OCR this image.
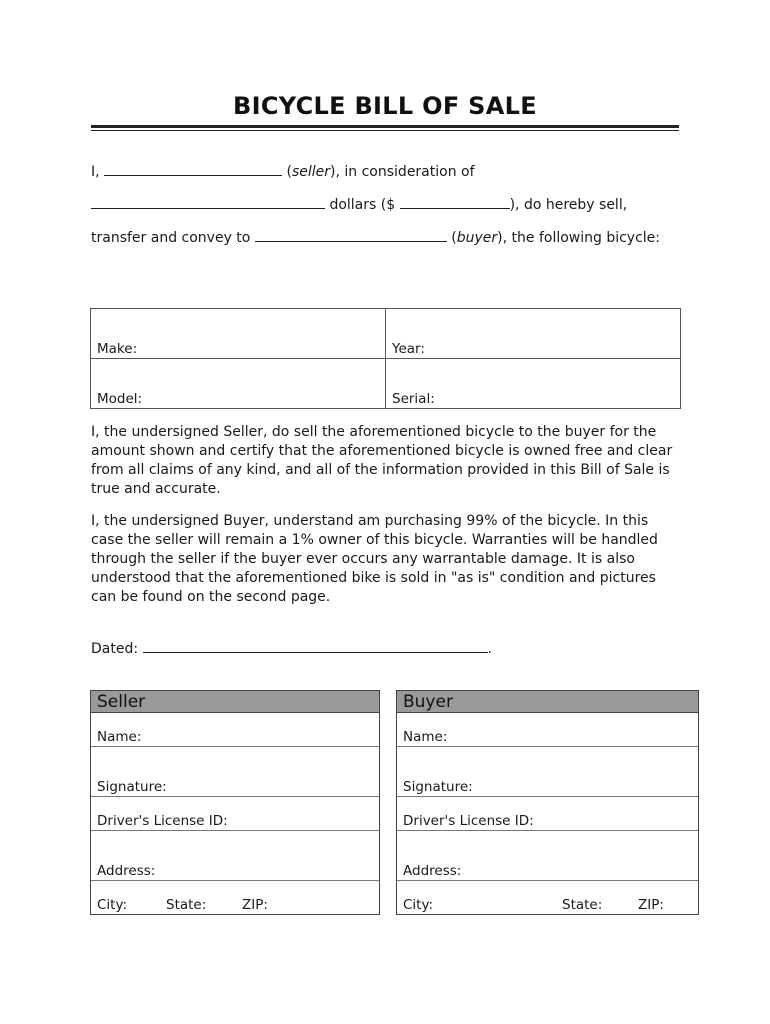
BICYCLE BILL OF SALE
I,	(seller), in consideration of
dollars ($	), do hereby sell,
transfer and convey to	(buyer), the following bicycle:
Make:	Year:
Model:	Serial:
I, the undersigned Seller, do sell the aforementioned bicycle to the buyer for the amount shown and certify that the aforementioned bicycle is owned free and clear from all claims of any kind, and all of the information provided in this Bill of Sale is true and accurate.
I, the undersigned Buyer, understand am purchasing 99% of the bicycle. In this case the seller will remain a 1% owner of this bicycle. Warranties will be handled through the seller if the buyer ever occurs any warrantable damage. It is also understood that the aforementioned bike is sold in "as is" condition and pictures can be found on the second page.
Dated:	.
Seller
Name:
Signature:
Driver's License ID:
Address:
City:	State:	ZIP:
Buyer
Name:
Signature:
Driver's License ID:
Address:
City:	State:	ZIP:
